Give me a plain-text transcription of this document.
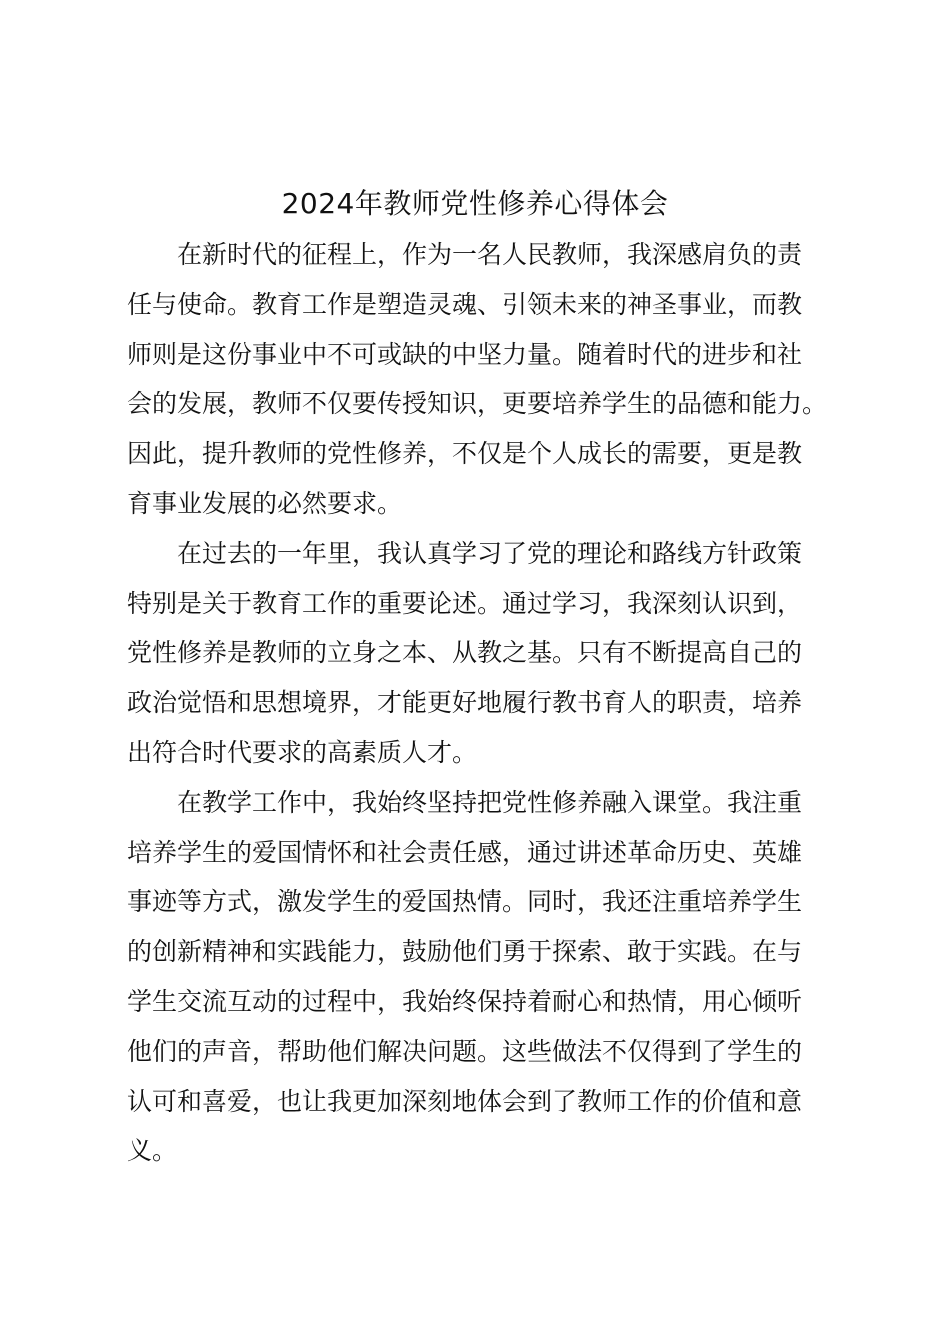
2024年教师党性修养心得体会

在新时代的征程上，作为一名人民教师，我深感肩负的责
任与使命。教育工作是塑造灵魂、引领未来的神圣事业，而教
师则是这份事业中不可或缺的中坚力量。随着时代的进步和社
会的发展，教师不仅要传授知识，更要培养学生的品德和能力。
因此，提升教师的党性修养，不仅是个人成长的需要，更是教
育事业发展的必然要求。

在过去的一年里，我认真学习了党的理论和路线方针政策
特别是关于教育工作的重要论述。通过学习，我深刻认识到，
党性修养是教师的立身之本、从教之基。只有不断提高自己的
政治觉悟和思想境界，才能更好地履行教书育人的职责，培养
出符合时代要求的高素质人才。

在教学工作中，我始终坚持把党性修养融入课堂。我注重
培养学生的爱国情怀和社会责任感，通过讲述革命历史、英雄
事迹等方式，激发学生的爱国热情。同时，我还注重培养学生
的创新精神和实践能力，鼓励他们勇于探索、敢于实践。在与
学生交流互动的过程中，我始终保持着耐心和热情，用心倾听
他们的声音，帮助他们解决问题。这些做法不仅得到了学生的
认可和喜爱，也让我更加深刻地体会到了教师工作的价值和意
义。
